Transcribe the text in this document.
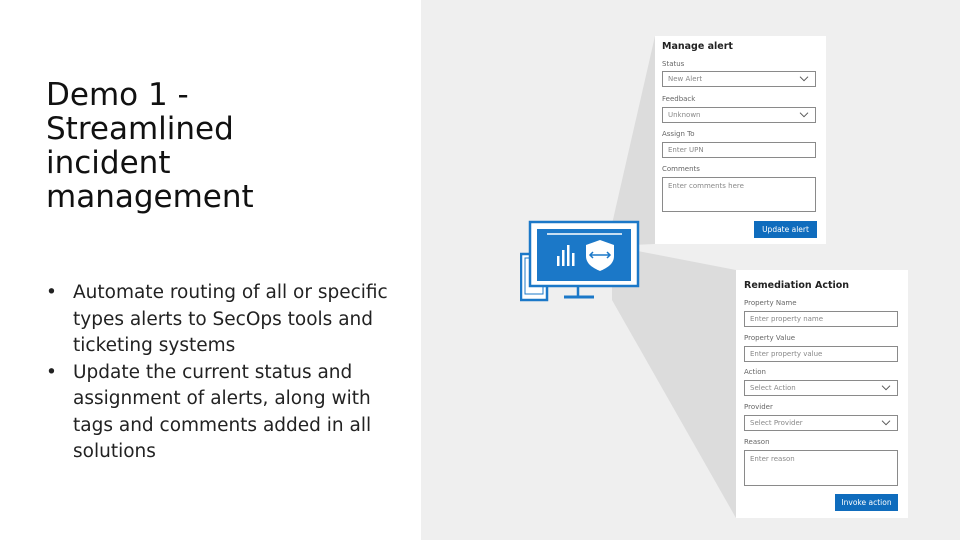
Demo 1 -
Streamlined
incident
management
• Automate routing of all or specific types alerts to SecOps tools and ticketing systems
• Update the current status and assignment of alerts, along with tags and comments added in all solutions
Manage alert
Status
New Alert
Feedback
Unknown
Assign To
Enter UPN
Comments
Enter comments here
Update alert
Remediation Action
Property Name
Enter property name
Property Value
Enter property value
Action
Select Action
Provider
Select Provider
Reason
Enter reason
Invoke action
